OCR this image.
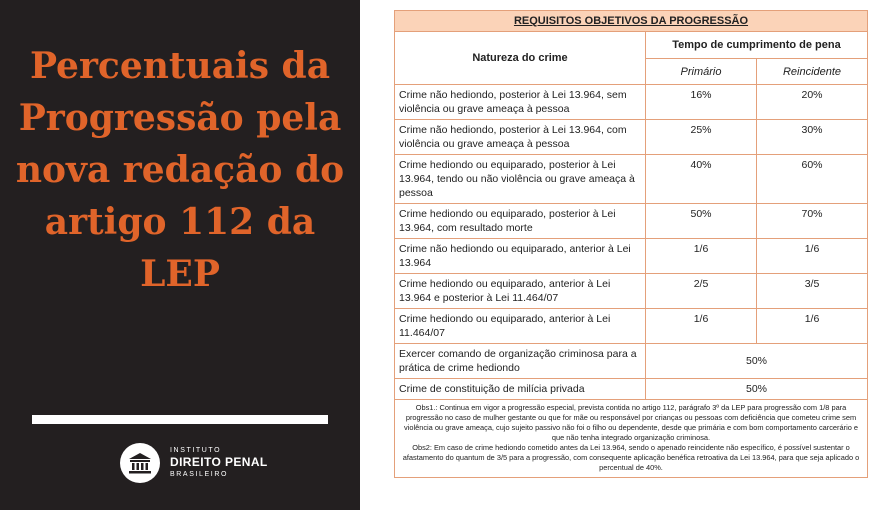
Percentuais da Progressão pela nova redação do artigo 112 da LEP
INSTITUTO
DIREITO PENAL
BRASILEIRO
REQUISITOS OBJETIVOS DA PROGRESSÃO
Natureza do crime
Tempo de cumprimento de pena
Primário	Reincidente
Crime não hediondo, posterior à Lei 13.964, sem violência ou grave ameaça à pessoa
16%	20%
Crime não hediondo, posterior à Lei 13.964, com violência ou grave ameaça à pessoa
25%	30%
Crime hediondo ou equiparado, posterior à Lei 13.964, tendo ou não violência ou grave ameaça à pessoa
40%	60%
Crime hediondo ou equiparado, posterior à Lei 13.964, com resultado morte
50%	70%
Crime não hediondo ou equiparado, anterior à Lei 13.964
1/6	1/6
Crime hediondo ou equiparado, anterior à Lei 13.964 e posterior à Lei 11.464/07
2/5	3/5
Crime hediondo ou equiparado, anterior à Lei 11.464/07
1/6	1/6
Exercer comando de organização criminosa para a prática de crime hediondo
50%
Crime de constituição de milícia privada	50%
Obs1.: Continua em vigor a progressão especial, prevista contida no artigo 112, parágrafo 3º da LEP para progressão com 1/8 para progressão no caso de mulher gestante ou que for mãe ou responsável por crianças ou pessoas com deficiência que cometeu crime sem violência ou grave ameaça, cujo sujeito passivo não foi o filho ou dependente, desde que primária e com bom comportamento carcerário e que não tenha integrado organização criminosa.
Obs2: Em caso de crime hediondo cometido antes da Lei 13.964, sendo o apenado reincidente não específico, é possível sustentar o afastamento do quantum de 3/5 para a progressão, com consequente aplicação benéfica retroativa da Lei 13.964, para que seja aplicado o percentual de 40%.
